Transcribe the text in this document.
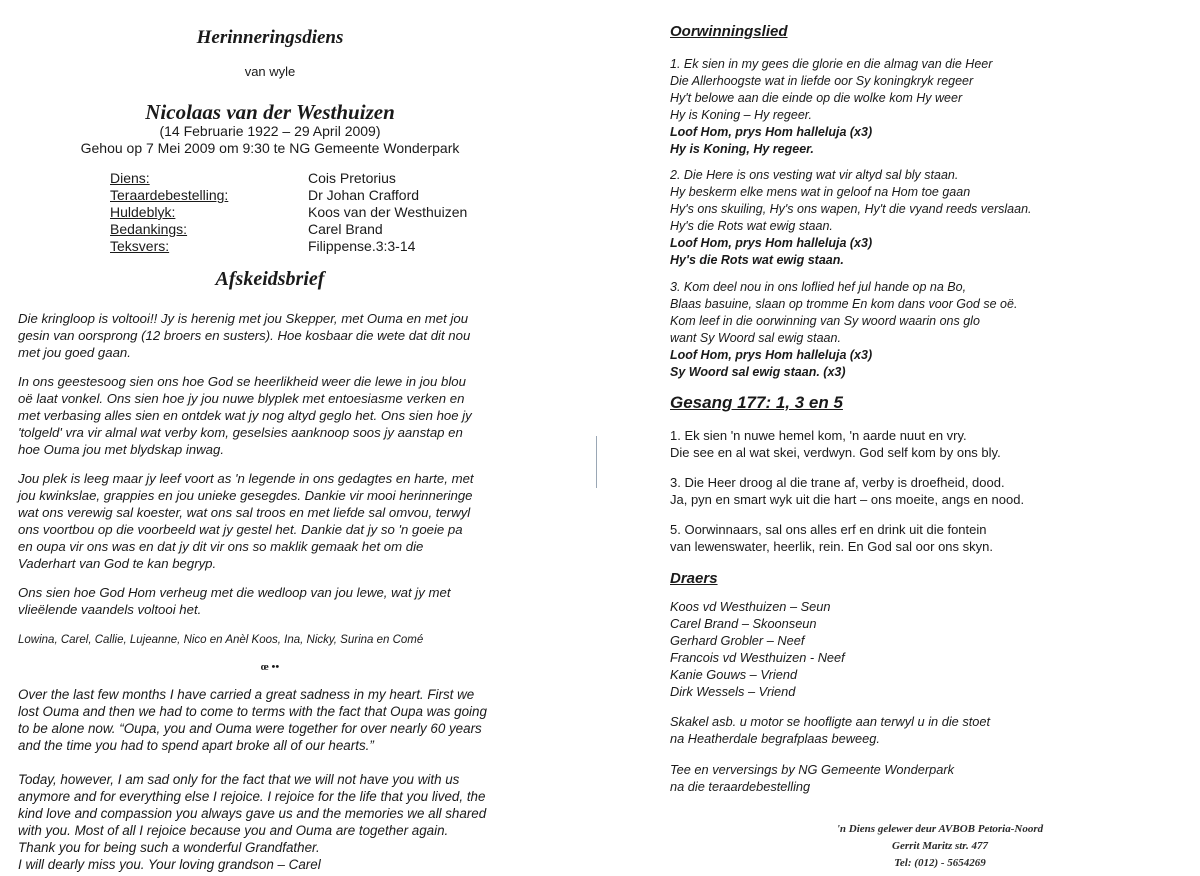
Herinneringsdiens
van wyle
Nicolaas van der Westhuizen
(14 Februarie 1922 – 29 April 2009)
Gehou op 7 Mei 2009 om 9:30 te NG Gemeente Wonderpark
Diens:	Cois Pretorius
Teraardebestelling:	Dr Johan Crafford
Huldeblyk:	Koos van der Westhuizen
Bedankings:	Carel Brand
Teksvers:	Filippense.3:3-14
Afskeidsbrief
Die kringloop is voltooi!! Jy is herenig met jou Skepper, met Ouma en met jou
gesin van oorsprong (12 broers en susters). Hoe kosbaar die wete dat dit nou
met jou goed gaan.
In ons geestesoog sien ons hoe God se heerlikheid weer die lewe in jou blou
oë laat vonkel. Ons sien hoe jy jou nuwe blyplek met entoesiasme verken en
met verbasing alles sien en ontdek wat jy nog altyd geglo het. Ons sien hoe jy
'tolgeld' vra vir almal wat verby kom, geselsies aanknoop soos jy aanstap en
hoe Ouma jou met blydskap inwag.
Jou plek is leeg maar jy leef voort as 'n legende in ons gedagtes en harte, met
jou kwinkslae, grappies en jou unieke gesegdes. Dankie vir mooi herinneringe
wat ons verewig sal koester, wat ons sal troos en met liefde sal omvou, terwyl
ons voortbou op die voorbeeld wat jy gestel het. Dankie dat jy so 'n goeie pa
en oupa vir ons was en dat jy dit vir ons so maklik gemaak het om die
Vaderhart van God te kan begryp.
Ons sien hoe God Hom verheug met die wedloop van jou lewe, wat jy met
vlieëlende vaandels voltooi het.
Lowina, Carel, Callie, Lujeanne, Nico en Anèl Koos, Ina, Nicky, Surina en Comé
œ ••
Over the last few months I have carried a great sadness in my heart. First we
lost Ouma and then we had to come to terms with the fact that Oupa was going
to be alone now. “Oupa, you and Ouma were together for over nearly 60 years
and the time you had to spend apart broke all of our hearts.”
Today, however, I am sad only for the fact that we will not have you with us
anymore and for everything else I rejoice. I rejoice for the life that you lived, the
kind love and compassion you always gave us and the memories we all shared
with you. Most of all I rejoice because you and Ouma are together again.
Thank you for being such a wonderful Grandfather.
I will dearly miss you. Your loving grandson – Carel
Oorwinningslied
1. Ek sien in my gees die glorie en die almag van die Heer
Die Allerhoogste wat in liefde oor Sy koningkryk regeer
Hy't belowe aan die einde op die wolke kom Hy weer
Hy is Koning – Hy regeer.
Loof Hom, prys Hom halleluja (x3)
Hy is Koning, Hy regeer.
2. Die Here is ons vesting wat vir altyd sal bly staan.
Hy beskerm elke mens wat in geloof na Hom toe gaan
Hy's ons skuiling, Hy's ons wapen, Hy't die vyand reeds verslaan.
Hy's die Rots wat ewig staan.
Loof Hom, prys Hom halleluja (x3)
Hy's die Rots wat ewig staan.
3. Kom deel nou in ons loflied hef jul hande op na Bo,
Blaas basuine, slaan op tromme En kom dans voor God se oë.
Kom leef in die oorwinning van Sy woord waarin ons glo
want Sy Woord sal ewig staan.
Loof Hom, prys Hom halleluja (x3)
Sy Woord sal ewig staan. (x3)
Gesang 177: 1, 3 en 5
1. Ek sien 'n nuwe hemel kom, 'n aarde nuut en vry.
Die see en al wat skei, verdwyn. God self kom by ons bly.
3. Die Heer droog al die trane af, verby is droefheid, dood.
Ja, pyn en smart wyk uit die hart – ons moeite, angs en nood.
5. Oorwinnaars, sal ons alles erf en drink uit die fontein
van lewenswater, heerlik, rein. En God sal oor ons skyn.
Draers
Koos vd Westhuizen – Seun
Carel Brand – Skoonseun
Gerhard Grobler – Neef
Francois vd Westhuizen - Neef
Kanie Gouws – Vriend
Dirk Wessels – Vriend
Skakel asb. u motor se hoofligte aan terwyl u in die stoet
na Heatherdale begrafplaas beweeg.
Tee en verversings by NG Gemeente Wonderpark
na die teraardebestelling
'n Diens gelewer deur AVBOB Petoria-Noord
Gerrit Maritz str. 477
Tel: (012) - 5654269
